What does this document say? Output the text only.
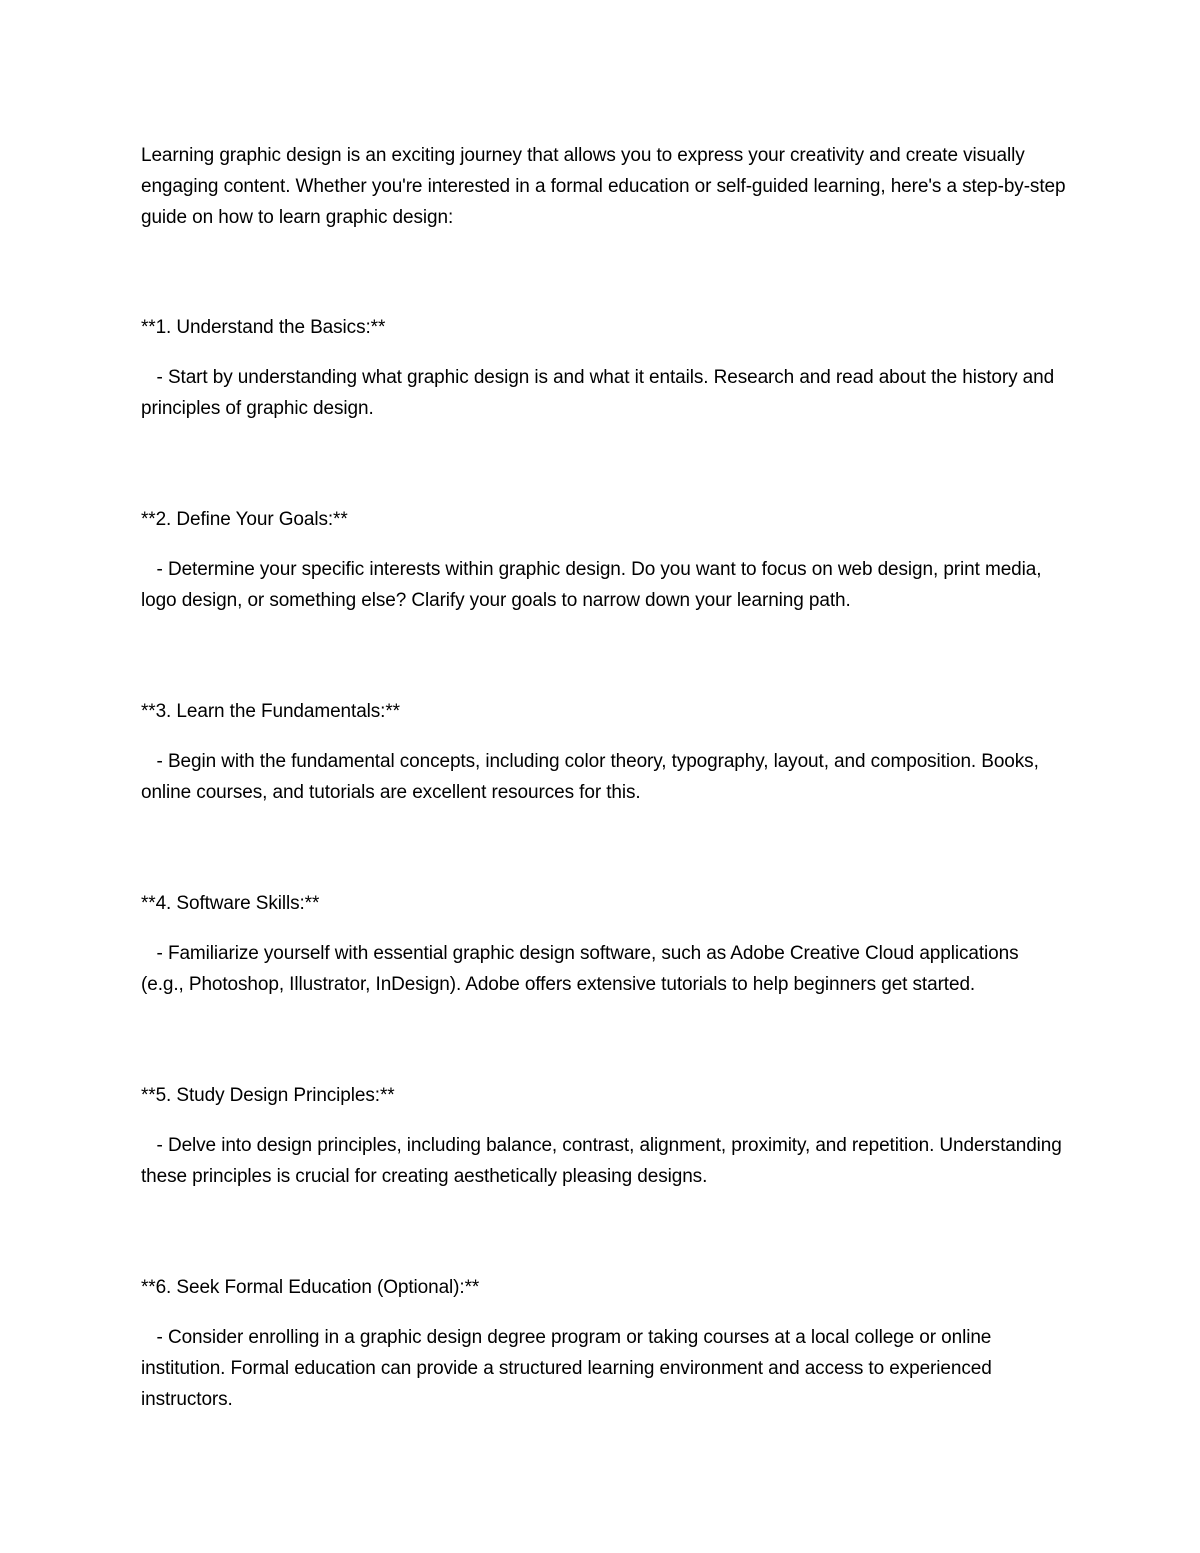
Learning graphic design is an exciting journey that allows you to express your creativity and create visually engaging content. Whether you're interested in a formal education or self-guided learning, here's a step-by-step guide on how to learn graphic design:

**1. Understand the Basics:**

- Start by understanding what graphic design is and what it entails. Research and read about the history and principles of graphic design.

**2. Define Your Goals:**

- Determine your specific interests within graphic design. Do you want to focus on web design, print media, logo design, or something else? Clarify your goals to narrow down your learning path.

**3. Learn the Fundamentals:**

- Begin with the fundamental concepts, including color theory, typography, layout, and composition. Books, online courses, and tutorials are excellent resources for this.

**4. Software Skills:**

- Familiarize yourself with essential graphic design software, such as Adobe Creative Cloud applications (e.g., Photoshop, Illustrator, InDesign). Adobe offers extensive tutorials to help beginners get started.

**5. Study Design Principles:**

- Delve into design principles, including balance, contrast, alignment, proximity, and repetition. Understanding these principles is crucial for creating aesthetically pleasing designs.

**6. Seek Formal Education (Optional):**

- Consider enrolling in a graphic design degree program or taking courses at a local college or online institution. Formal education can provide a structured learning environment and access to experienced instructors.
